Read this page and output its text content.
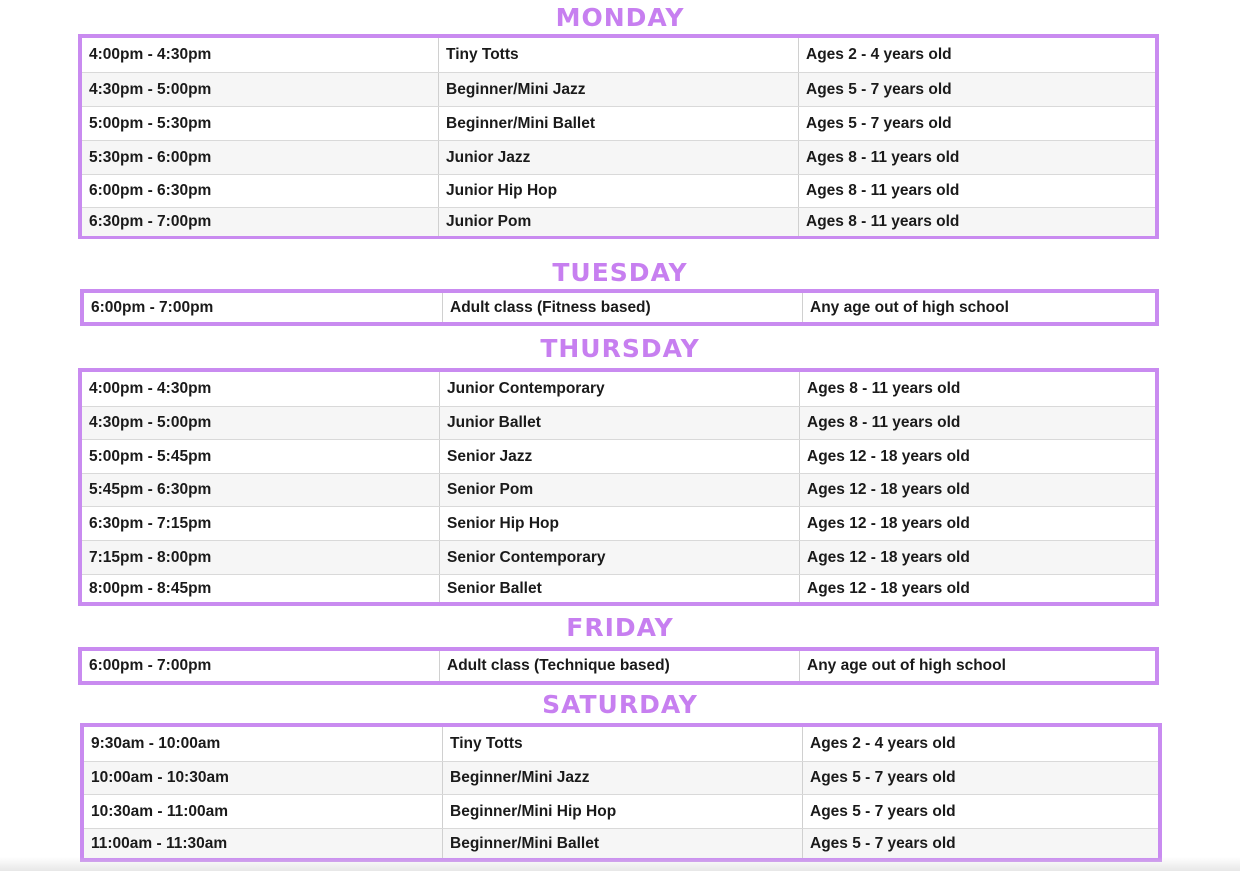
MONDAY
4:00pm - 4:30pm	Tiny Totts	Ages 2 - 4 years old
4:30pm - 5:00pm	Beginner/Mini Jazz	Ages 5 - 7 years old
5:00pm - 5:30pm	Beginner/Mini Ballet	Ages 5 - 7 years old
5:30pm - 6:00pm	Junior Jazz	Ages 8 - 11 years old
6:00pm - 6:30pm	Junior Hip Hop	Ages 8 - 11 years old
6:30pm - 7:00pm	Junior Pom	Ages 8 - 11 years old
TUESDAY
6:00pm - 7:00pm	Adult class (Fitness based)	Any age out of high school
THURSDAY
4:00pm - 4:30pm	Junior Contemporary	Ages 8 - 11 years old
4:30pm - 5:00pm	Junior Ballet	Ages 8 - 11 years old
5:00pm - 5:45pm	Senior Jazz	Ages 12 - 18 years old
5:45pm - 6:30pm	Senior Pom	Ages 12 - 18 years old
6:30pm - 7:15pm	Senior Hip Hop	Ages 12 - 18 years old
7:15pm - 8:00pm	Senior Contemporary	Ages 12 - 18 years old
8:00pm - 8:45pm	Senior Ballet	Ages 12 - 18 years old
FRIDAY
6:00pm - 7:00pm	Adult class (Technique based)	Any age out of high school
SATURDAY
9:30am - 10:00am	Tiny Totts	Ages 2 - 4 years old
10:00am - 10:30am	Beginner/Mini Jazz	Ages 5 - 7 years old
10:30am - 11:00am	Beginner/Mini Hip Hop	Ages 5 - 7 years old
11:00am - 11:30am	Beginner/Mini Ballet	Ages 5 - 7 years old
